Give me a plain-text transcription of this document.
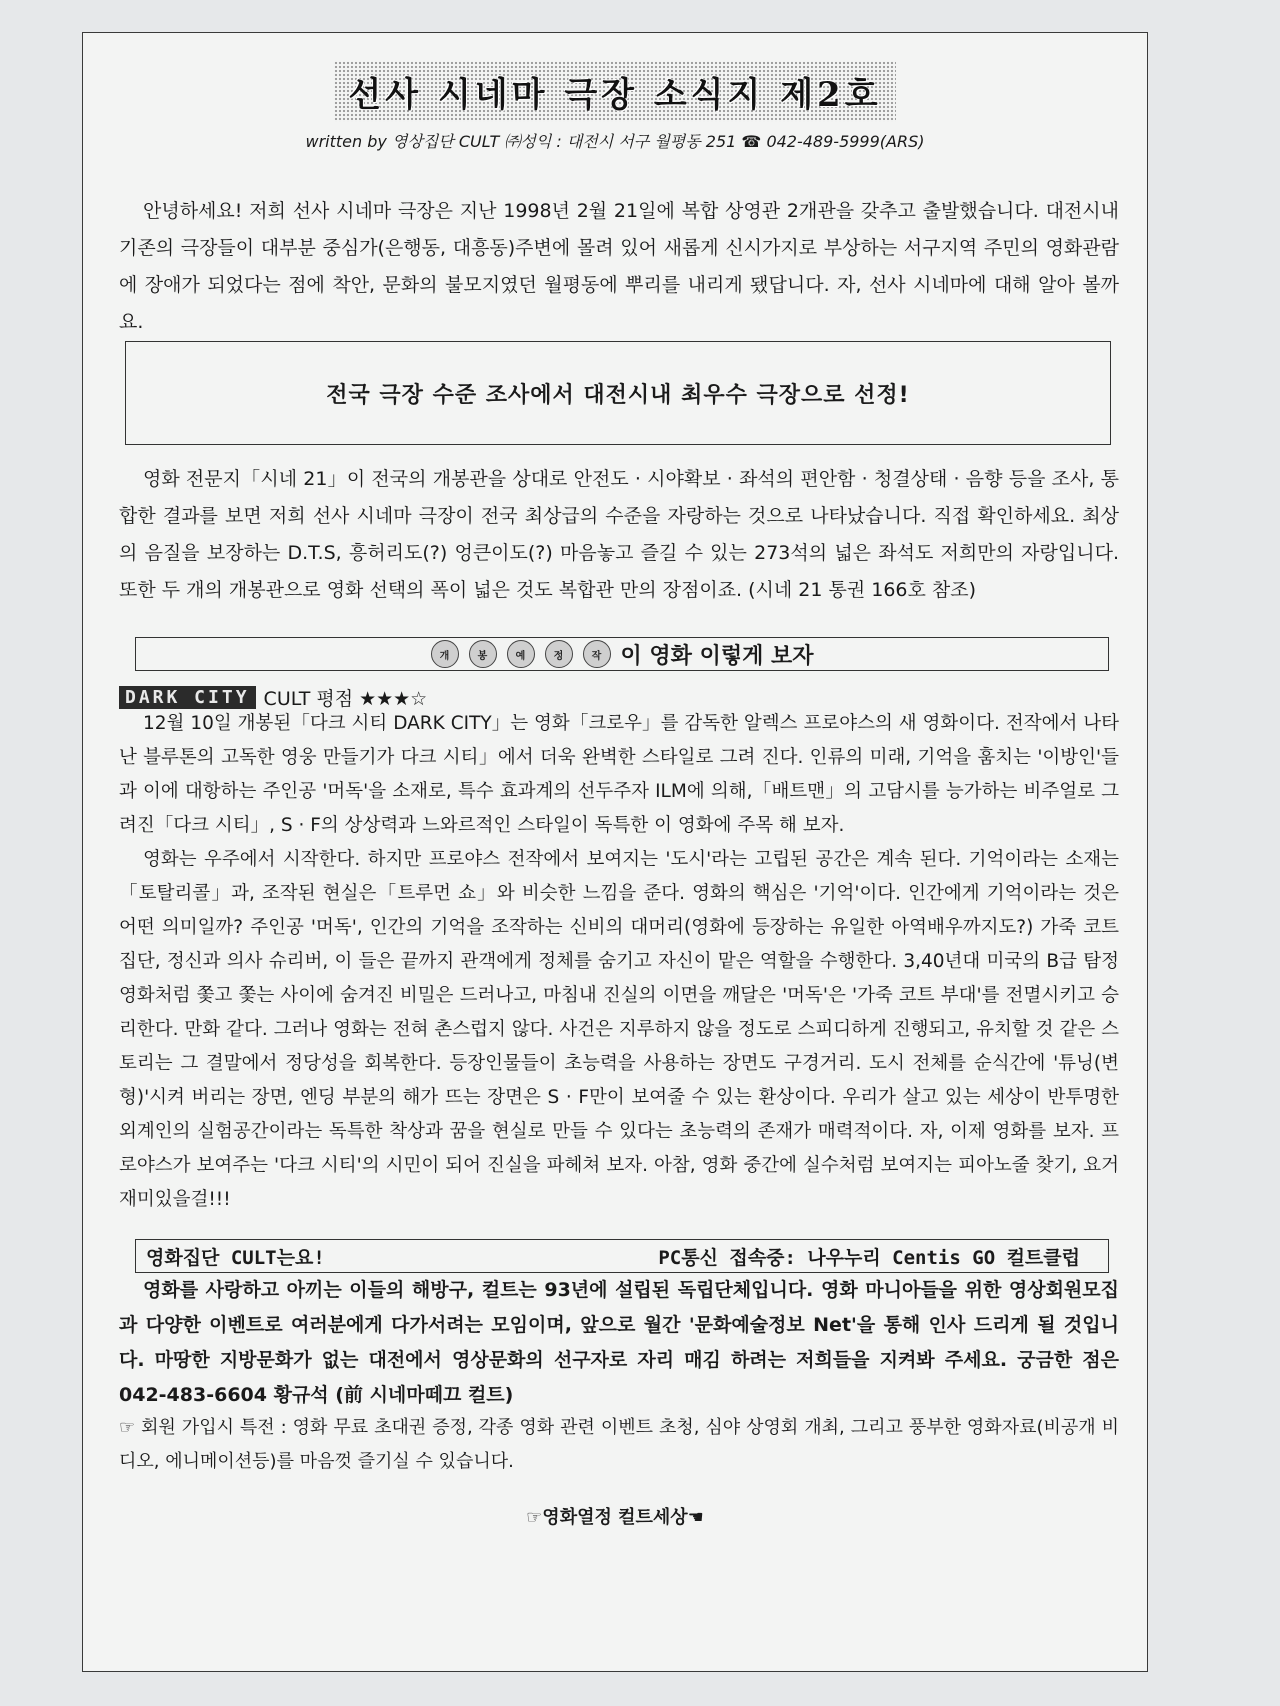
선사 시네마 극장 소식지 제2호
written by 영상집단 CULT ㈜성익 : 대전시 서구 월평동 251 ☎ 042-489-5999(ARS)

안녕하세요! 저희 선사 시네마 극장은 지난 1998년 2월 21일에 복합 상영관 2개관을 갖추고 출발했습니다. 대전시내 기존의 극장들이 대부분 중심가(은행동, 대흥동)주변에 몰려 있어 새롭게 신시가지로 부상하는 서구지역 주민의 영화관람에 장애가 되었다는 점에 착안, 문화의 불모지였던 월평동에 뿌리를 내리게 됐답니다. 자, 선사 시네마에 대해 알아 볼까요.

전국 극장 수준 조사에서 대전시내 최우수 극장으로 선정!

영화 전문지「시네 21」이 전국의 개봉관을 상대로 안전도 · 시야확보 · 좌석의 편안함 · 청결상태 · 음향 등을 조사, 통합한 결과를 보면 저희 선사 시네마 극장이 전국 최상급의 수준을 자랑하는 것으로 나타났습니다. 직접 확인하세요. 최상의 음질을 보장하는 D.T.S, 흥허리도(?) 엉큰이도(?) 마음놓고 즐길 수 있는 273석의 넓은 좌석도 저희만의 자랑입니다. 또한 두 개의 개봉관으로 영화 선택의 폭이 넓은 것도 복합관 만의 장점이죠. (시네 21 통권 166호 참조)

개	봉	예	정	작 이 영화 이렇게 보자
DARK CITY CULT 평점 ★★★☆

12월 10일 개봉된「다크 시티 DARK CITY」는 영화「크로우」를 감독한 알렉스 프로야스의 새 영화이다. 전작에서 나타난 블루톤의 고독한 영웅 만들기가 다크 시티」에서 더욱 완벽한 스타일로 그려 진다. 인류의 미래, 기억을 훔치는 '이방인'들과 이에 대항하는 주인공 '머독'을 소재로, 특수 효과계의 선두주자 ILM에 의해,「배트맨」의 고담시를 능가하는 비주얼로 그려진「다크 시티」, S · F의 상상력과 느와르적인 스타일이 독특한 이 영화에 주목 해 보자.

영화는 우주에서 시작한다. 하지만 프로야스 전작에서 보여지는 '도시'라는 고립된 공간은 계속 된다. 기억이라는 소재는「토탈리콜」과, 조작된 현실은「트루먼 쇼」와 비슷한 느낌을 준다. 영화의 핵심은 '기억'이다. 인간에게 기억이라는 것은 어떤 의미일까? 주인공 '머독', 인간의 기억을 조작하는 신비의 대머리(영화에 등장하는 유일한 아역배우까지도?) 가죽 코트 집단, 정신과 의사 슈리버, 이 들은 끝까지 관객에게 정체를 숨기고 자신이 맡은 역할을 수행한다. 3,40년대 미국의 B급 탐정영화처럼 쫓고 쫓는 사이에 숨겨진 비밀은 드러나고, 마침내 진실의 이면을 깨달은 '머독'은 '가죽 코트 부대'를 전멸시키고 승리한다. 만화 같다. 그러나 영화는 전혀 촌스럽지 않다. 사건은 지루하지 않을 정도로 스피디하게 진행되고, 유치할 것 같은 스토리는 그 결말에서 정당성을 회복한다. 등장인물들이 초능력을 사용하는 장면도 구경거리. 도시 전체를 순식간에 '튜닝(변형)'시켜 버리는 장면, 엔딩 부분의 해가 뜨는 장면은 S · F만이 보여줄 수 있는 환상이다. 우리가 살고 있는 세상이 반투명한 외계인의 실험공간이라는 독특한 착상과 꿈을 현실로 만들 수 있다는 초능력의 존재가 매력적이다. 자, 이제 영화를 보자. 프로야스가 보여주는 '다크 시티'의 시민이 되어 진실을 파헤쳐 보자. 아참, 영화 중간에 실수처럼 보여지는 피아노줄 찾기, 요거 재미있을걸!!!

영화집단 CULT는요!	PC통신 접속중: 나우누리 Centis GO 컬트클럽

영화를 사랑하고 아끼는 이들의 해방구, 컬트는 93년에 설립된 독립단체입니다. 영화 마니아들을 위한 영상회원모집과 다양한 이벤트로 여러분에게 다가서려는 모임이며, 앞으로 월간 '문화예술정보 Net'을 통해 인사 드리게 될 것입니다. 마땅한 지방문화가 없는 대전에서 영상문화의 선구자로 자리 매김 하려는 저희들을 지켜봐 주세요. 궁금한 점은 042-483-6604 황규석 (前 시네마떼끄 컬트)

☞ 회원 가입시 특전 : 영화 무료 초대권 증정, 각종 영화 관련 이벤트 초청, 심야 상영회 개최, 그리고 풍부한 영화자료(비공개 비디오, 에니메이션등)를 마음껏 즐기실 수 있습니다.

☞영화열정 컬트세상☚
